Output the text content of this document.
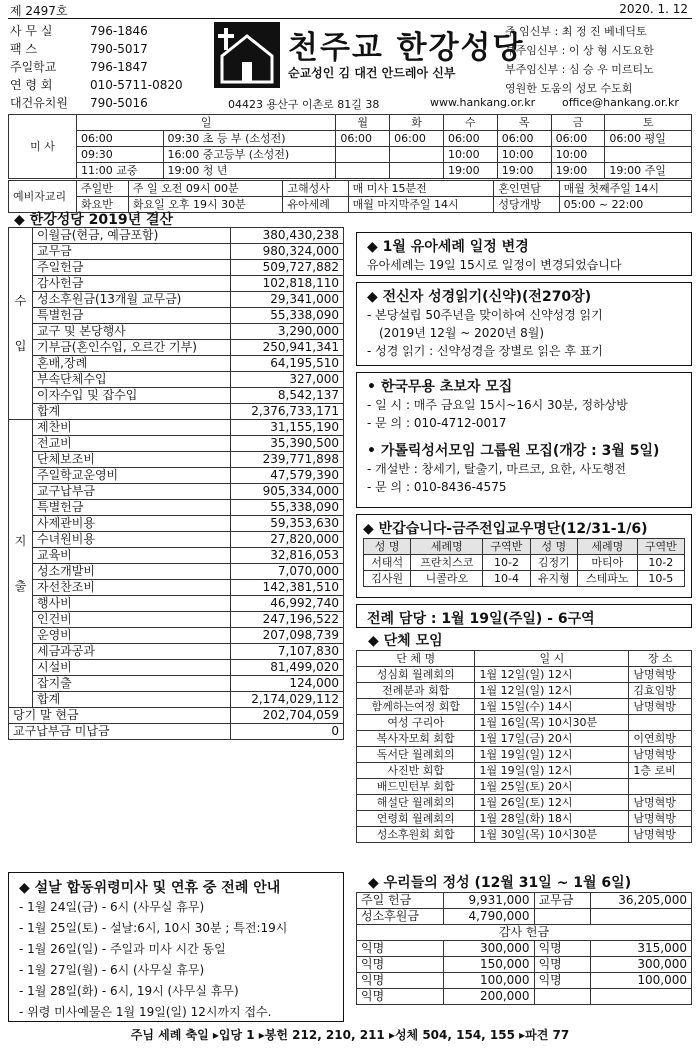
제 2497호	2020. 1. 12
사 무 실	796-1846
팩 스	790-5017
주일학교	796-1847
연 령 회	010-5711-0820
대건유치원	790-5016
천주교 한강성당
순교성인 김 대건 안드레아 신부
주 임신부 : 최 정 진 베네딕토
부주임신부 : 이 상 형 시도요한
부주임신부 : 심 승 우 미르티노
영원한 도움의 성모 수도회
04423 용산구 이촌로 81길 38	www.hankang.or.kr office@hankang.or.kr
미 사	일		월	화	수	목	금	토
	06:00	09:30 초 등 부 (소성전)	06:00	06:00	06:00	06:00	06:00	06:00 평일
	09:30	16:00 중고등부 (소성전)			10:00	10:00	10:00	
	11:00 교중	19:00 청 년			19:00	19:00	19:00	19:00 주일
예비자교리	주일반	주 일 오전 09시 00분	고해성사	매 미사 15분전	혼인면담	매월 첫째주일 14시
	화요반	화요일 오후 19시 30분	유아세례	매월 마지막주일 14시	성당개방	05:00 ~ 22:00
◆ 한강성당 2019년 결산
수

입	이월금(현금, 예금포함)	380,430,238
	교무금	980,324,000
	주일헌금	509,727,882
	감사헌금	102,818,110
	성소후원금(13개월 교무금)	29,341,000
	특별헌금	55,338,090
	교구 및 본당행사	3,290,000
	기부금(혼인수입, 오르간 기부)	250,941,341
	혼배,장례	64,195,510
	부속단체수입	327,000
	이자수입 및 잡수입	8,542,137
	합계	2,376,733,171
지

출	제찬비	31,155,190
	전교비	35,390,500
	단체보조비	239,771,898
	주일학교운영비	47,579,390
	교구납부금	905,334,000
	특별헌금	55,338,090
	사제관비용	59,353,630
	수녀원비용	27,820,000
	교육비	32,816,053
	성소개발비	7,070,000
	자선찬조비	142,381,510
	행사비	46,992,740
	인건비	247,196,522
	운영비	207,098,739
	세금과공과	7,107,830
	시설비	81,499,020
	잡지출	124,000
	합계	2,174,029,112
당기 말 현금		202,704,059
교구납부금 미납금		0
◆ 1월 유아세례 일정 변경
유아세례는 19일 15시로 일정이 변경되었습니다
◆ 전신자 성경읽기(신약)(전270장)
- 본당설립 50주년을 맞이하여 신약성경 읽기
(2019년 12월 ~ 2020년 8월)
- 성경 읽기 : 신약성경을 장별로 읽은 후 표기
• 한국무용 초보자 모집
- 일 시 : 매주 금요일 15시~16시 30분, 정하상방
- 문 의 : 010-4712-0017
• 가톨릭성서모임 그룹원 모집(개강 : 3월 5일)
- 개설반 : 창세기, 탈출기, 마르코, 요한, 사도행전
- 문 의 : 010-8436-4575
◆ 반갑습니다-금주전입교우명단(12/31-1/6)
성 명	세례명	구역반	성 명	세례명	구역반
서태석	프란치스코	10-2	김정기	마티아	10-2
김사원	니콜라오	10-4	유지형	스테파노	10-5
전례 담당 : 1월 19일(주일) - 6구역
◆ 단체 모임
단 체 명	일 시	장 소
성심회 월례회의	1월 12일(일) 12시	남명혁방
전례분과 회합	1월 12일(일) 12시	김효임방
함께하는여정 회합	1월 15일(수) 14시	남명혁방
여성 구리아	1월 16일(목) 10시30분	
복사자모회 회합	1월 17일(금) 20시	이연희방
독서단 월례회의	1월 19일(일) 12시	남명혁방
사진반 회합	1월 19일(일) 12시	1층 로비
배드민턴부 회합	1월 25일(토) 20시	
해설단 월례회의	1월 26일(토) 12시	남명혁방
연령회 월례회의	1월 28일(화) 18시	남명혁방
성소후원회 회합	1월 30일(목) 10시30분	남명혁방
◆ 설날 합동위령미사 및 연휴 중 전례 안내
- 1월 24일(금) - 6시 (사무실 휴무)
- 1월 25일(토) - 설날:6시, 10시 30분 ; 특전:19시
- 1월 26일(일) - 주일과 미사 시간 동일
- 1월 27일(월) - 6시 (사무실 휴무)
- 1월 28일(화) - 6시, 19시 (사무실 휴무)
- 위령 미사예물은 1월 19일(일) 12시까지 접수.
◆ 우리들의 정성 (12월 31일 ~ 1월 6일)
주일 헌금	9,931,000	교무금	36,205,000
성소후원금	4,790,000		
감사 헌금			
익명	300,000	익명	315,000
익명	150,000	익명	300,000
익명	100,000	익명	100,000
익명	200,000		
주님 세례 축일 ▸입당 1 ▸봉헌 212, 210, 211 ▸성체 504, 154, 155 ▸파견 77
